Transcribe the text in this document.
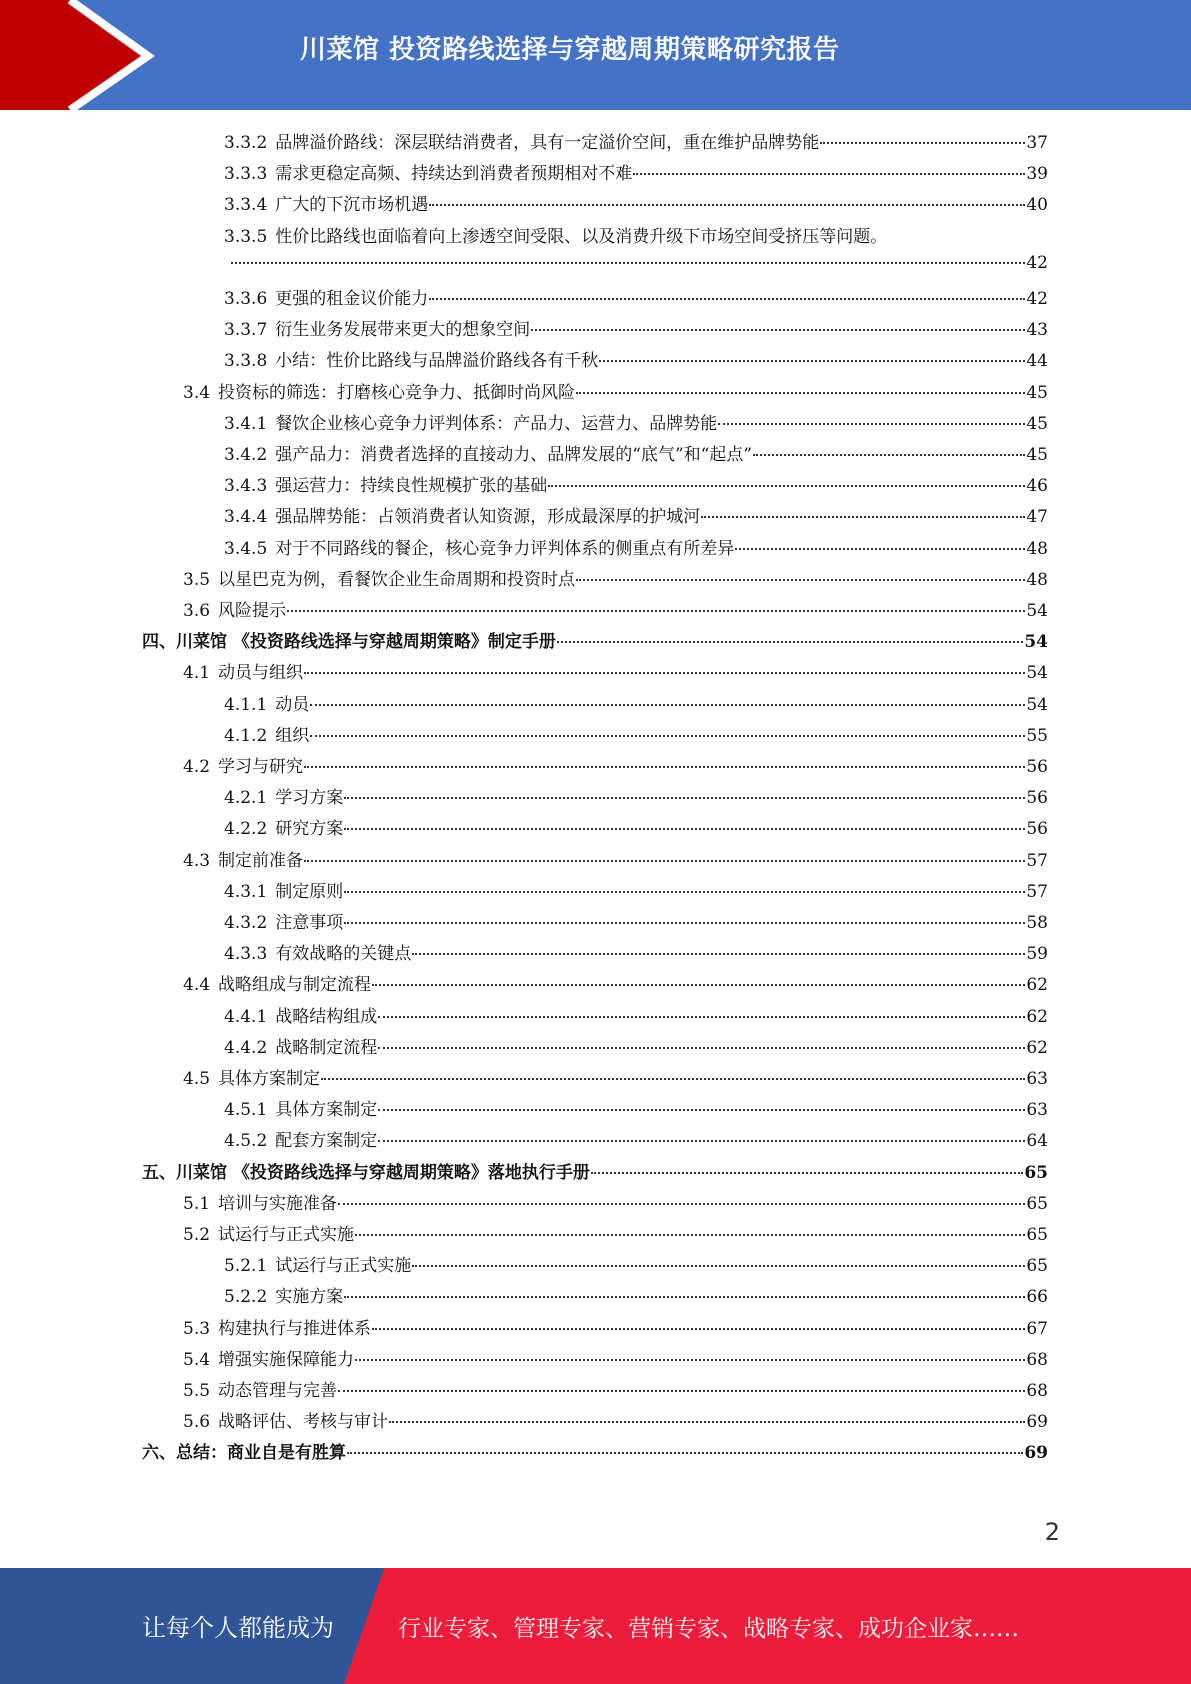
川菜馆 投资路线选择与穿越周期策略研究报告
3.3.2 品牌溢价路线：深层联结消费者，具有一定溢价空间，重在维护品牌势能	37
3.3.3 需求更稳定高频、持续达到消费者预期相对不难	39
3.3.4 广大的下沉市场机遇	40
3.3.5 性价比路线也面临着向上渗透空间受限、以及消费升级下市场空间受挤压等问题。
42
3.3.6 更强的租金议价能力	42
3.3.7 衍生业务发展带来更大的想象空间	43
3.3.8 小结：性价比路线与品牌溢价路线各有千秋	44
3.4 投资标的筛选：打磨核心竞争力、抵御时尚风险	45
3.4.1 餐饮企业核心竞争力评判体系：产品力、运营力、品牌势能	45
3.4.2 强产品力：消费者选择的直接动力、品牌发展的“底气”和“起点”	45
3.4.3 强运营力：持续良性规模扩张的基础	46
3.4.4 强品牌势能：占领消费者认知资源，形成最深厚的护城河	47
3.4.5 对于不同路线的餐企，核心竞争力评判体系的侧重点有所差异	48
3.5 以星巴克为例，看餐饮企业生命周期和投资时点	48
3.6 风险提示	54
四、 川菜馆 《投资路线选择与穿越周期策略》制定手册	54
4.1 动员与组织	54
4.1.1 动员	54
4.1.2 组织	55
4.2 学习与研究	56
4.2.1 学习方案	56
4.2.2 研究方案	56
4.3 制定前准备	57
4.3.1 制定原则	57
4.3.2 注意事项	58
4.3.3 有效战略的关键点	59
4.4 战略组成与制定流程	62
4.4.1 战略结构组成	62
4.4.2 战略制定流程	62
4.5 具体方案制定	63
4.5.1 具体方案制定	63
4.5.2 配套方案制定	64
五、 川菜馆 《投资路线选择与穿越周期策略》落地执行手册	65
5.1 培训与实施准备	65
5.2 试运行与正式实施	65
5.2.1 试运行与正式实施	65
5.2.2 实施方案	66
5.3 构建执行与推进体系	67
5.4 增强实施保障能力	68
5.5 动态管理与完善	68
5.6 战略评估、考核与审计	69
六、 总结：商业自是有胜算	69
2
让每个人都能成为	行业专家、管理专家、营销专家、战略专家、成功企业家……
